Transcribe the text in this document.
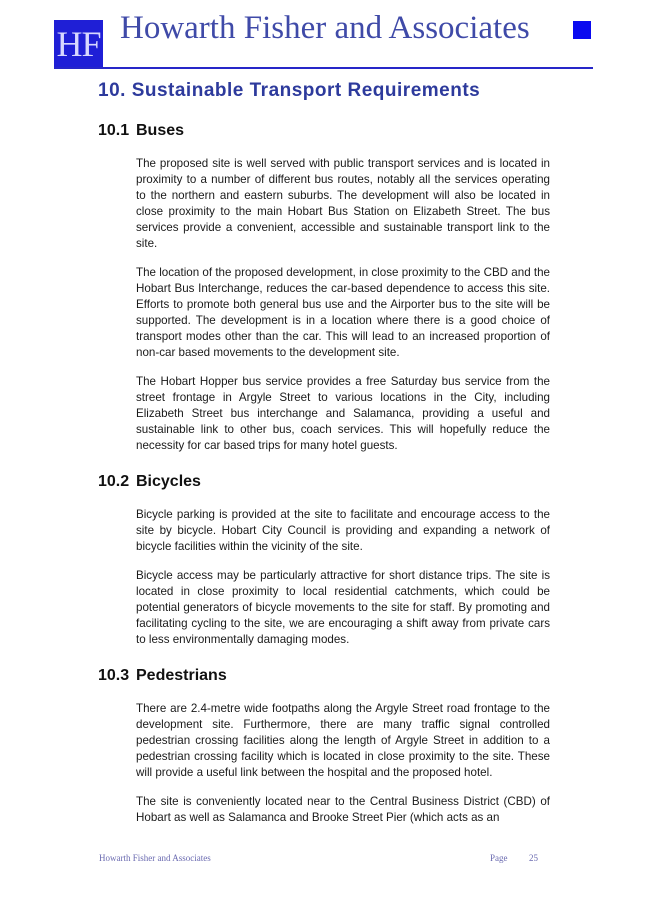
HF Howarth Fisher and Associates
10. Sustainable Transport Requirements
10.1 Buses

The proposed site is well served with public transport services and is located in proximity to a number of different bus routes, notably all the services operating to the northern and eastern suburbs. The development will also be located in close proximity to the main Hobart Bus Station on Elizabeth Street. The bus services provide a convenient, accessible and sustainable transport link to the site.

The location of the proposed development, in close proximity to the CBD and the Hobart Bus Interchange, reduces the car-based dependence to access this site. Efforts to promote both general bus use and the Airporter bus to the site will be supported. The development is in a location where there is a good choice of transport modes other than the car. This will lead to an increased proportion of non-car based movements to the development site.

The Hobart Hopper bus service provides a free Saturday bus service from the street frontage in Argyle Street to various locations in the City, including Elizabeth Street bus interchange and Salamanca, providing a useful and sustainable link to other bus, coach services. This will hopefully reduce the necessity for car based trips for many hotel guests.

10.2 Bicycles

Bicycle parking is provided at the site to facilitate and encourage access to the site by bicycle. Hobart City Council is providing and expanding a network of bicycle facilities within the vicinity of the site.

Bicycle access may be particularly attractive for short distance trips. The site is located in close proximity to local residential catchments, which could be potential generators of bicycle movements to the site for staff. By promoting and facilitating cycling to the site, we are encouraging a shift away from private cars to less environmentally damaging modes.

10.3 Pedestrians

There are 2.4-metre wide footpaths along the Argyle Street road frontage to the development site. Furthermore, there are many traffic signal controlled pedestrian crossing facilities along the length of Argyle Street in addition to a pedestrian crossing facility which is located in close proximity to the site. These will provide a useful link between the hospital and the proposed hotel.

The site is conveniently located near to the Central Business District (CBD) of Hobart as well as Salamanca and Brooke Street Pier (which acts as an

Howarth Fisher and Associates	Page 25
